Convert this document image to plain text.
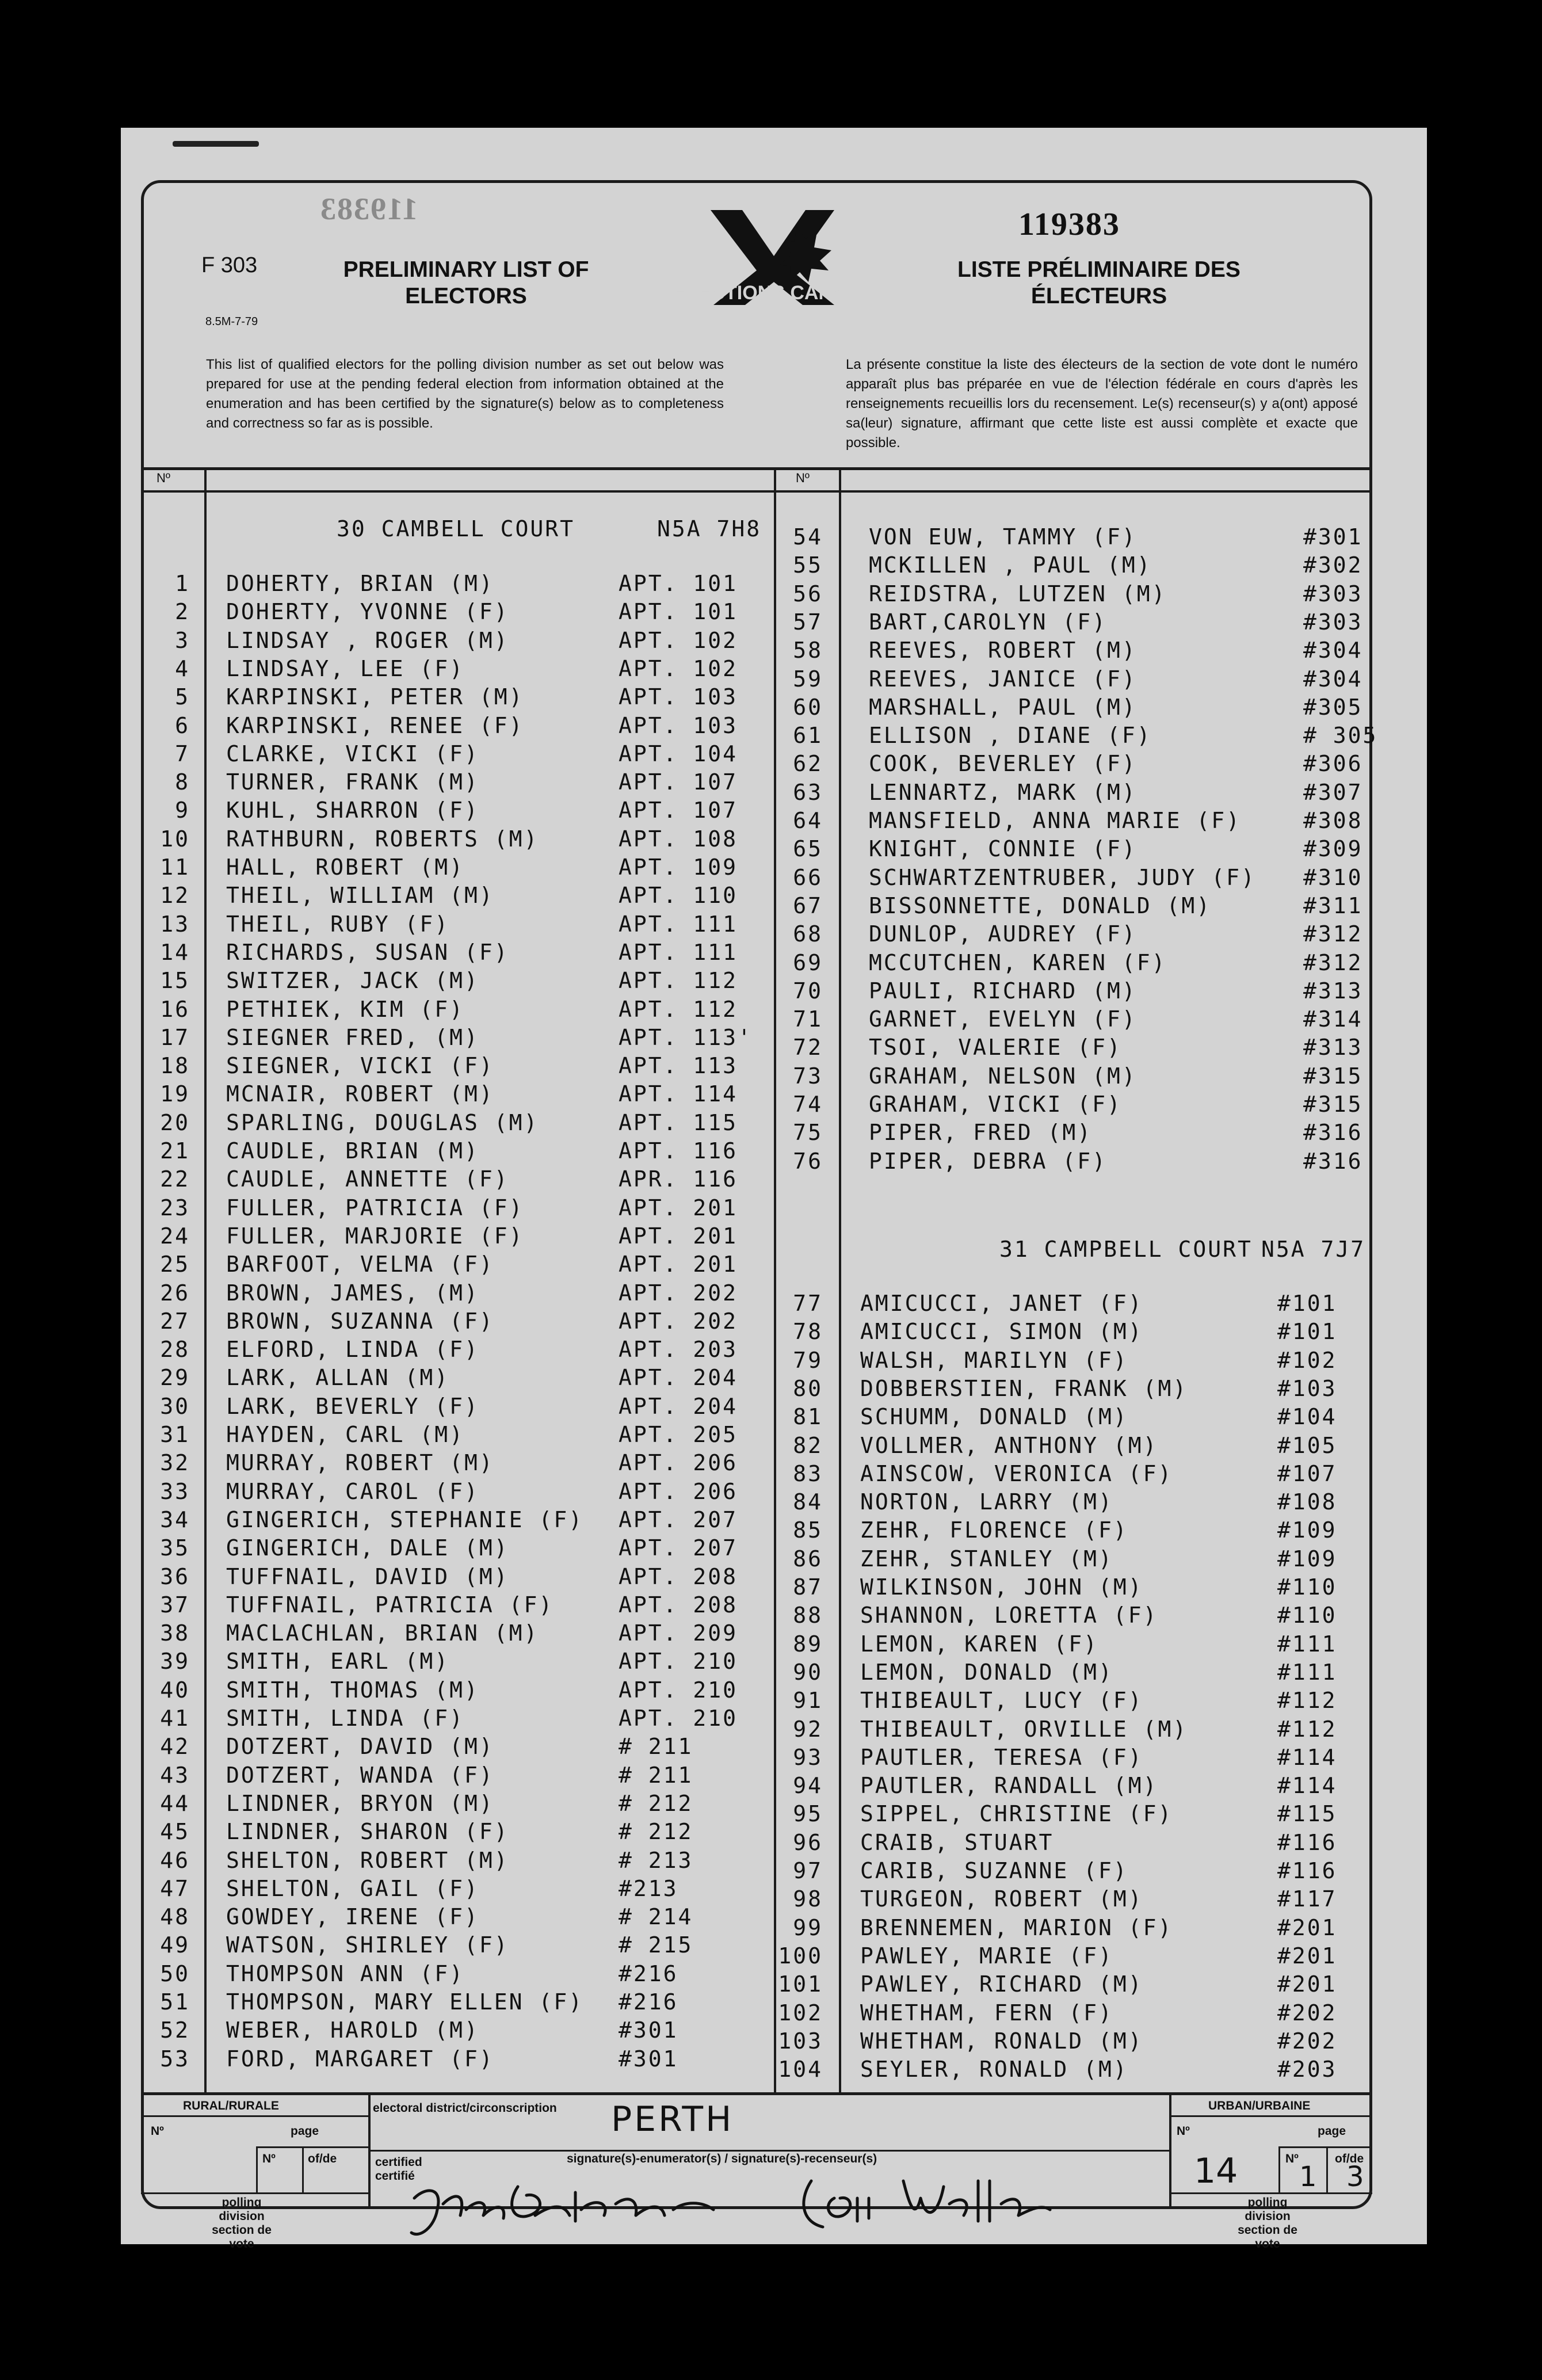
F 303
8.5M-7-79
PRELIMINARY LIST OF ELECTORS
LISTE PRÉLIMINAIRE DES ÉLECTEURS
119383
119383
ELECTIONS CANADA
This list of qualified electors for the polling division number as set out below was prepared for use at the pending federal election from information obtained at the enumeration and has been certified by the signature(s) below as to completeness and correctness so far as is possible.
La présente constitue la liste des électeurs de la section de vote dont le numéro apparaît plus bas préparée en vue de l'élection fédérale en cours d'après les renseignements recueillis lors du recensement. Le(s) recenseur(s) y a(ont) apposé sa(leur) signature, affirmant que cette liste est aussi complète et exacte que possible.
Nº	Nº
30 CAMBELL COURT	N5A 7H8
31 CAMPBELL COURT N5A 7J7
1 DOHERTY, BRIAN (M)	APT. 101
2 DOHERTY, YVONNE (F)	APT. 101
3 LINDSAY , ROGER (M)	APT. 102
4 LINDSAY, LEE (F)	APT. 102
5 KARPINSKI, PETER (M)	APT. 103
6 KARPINSKI, RENEE (F)	APT. 103
7 CLARKE, VICKI (F)	APT. 104
8 TURNER, FRANK (M)	APT. 107
9 KUHL, SHARRON (F)	APT. 107
10 RATHBURN, ROBERTS (M)	APT. 108
11 HALL, ROBERT (M)	APT. 109
12 THEIL, WILLIAM (M)	APT. 110
13 THEIL, RUBY (F)	APT. 111
14 RICHARDS, SUSAN (F)	APT. 111
15 SWITZER, JACK (M)	APT. 112
16 PETHIEK, KIM (F)	APT. 112
17 SIEGNER FRED, (M)	APT. 113'
18 SIEGNER, VICKI (F)	APT. 113
19 MCNAIR, ROBERT (M)	APT. 114
20 SPARLING, DOUGLAS (M)	APT. 115
21 CAUDLE, BRIAN (M)	APT. 116
22 CAUDLE, ANNETTE (F)	APR. 116
23 FULLER, PATRICIA (F)	APT. 201
24 FULLER, MARJORIE (F)	APT. 201
25 BARFOOT, VELMA (F)	APT. 201
26 BROWN, JAMES, (M)	APT. 202
27 BROWN, SUZANNA (F)	APT. 202
28 ELFORD, LINDA (F)	APT. 203
29 LARK, ALLAN (M)	APT. 204
30 LARK, BEVERLY (F)	APT. 204
31 HAYDEN, CARL (M)	APT. 205
32 MURRAY, ROBERT (M)	APT. 206
33 MURRAY, CAROL (F)	APT. 206
34 GINGERICH, STEPHANIE (F) APT. 207
35 GINGERICH, DALE (M)	APT. 207
36 TUFFNAIL, DAVID (M)	APT. 208
37 TUFFNAIL, PATRICIA (F)	APT. 208
38 MACLACHLAN, BRIAN (M)	APT. 209
39 SMITH, EARL (M)	APT. 210
40 SMITH, THOMAS (M)	APT. 210
41 SMITH, LINDA (F)	APT. 210
42 DOTZERT, DAVID (M)	# 211
43 DOTZERT, WANDA (F)	# 211
44 LINDNER, BRYON (M)	# 212
45 LINDNER, SHARON (F)	# 212
46 SHELTON, ROBERT (M)	# 213
47 SHELTON, GAIL (F)	#213
48 GOWDEY, IRENE (F)	# 214
49 WATSON, SHIRLEY (F)	# 215
50 THOMPSON ANN (F)	#216
51 THOMPSON, MARY ELLEN (F) #216
52 WEBER, HAROLD (M)	#301
53 FORD, MARGARET (F)	#301
54 VON EUW, TAMMY (F)	#301
55 MCKILLEN , PAUL (M)	#302
56 REIDSTRA, LUTZEN (M)	#303
57 BART,CAROLYN (F)	#303
58 REEVES, ROBERT (M)	#304
59 REEVES, JANICE (F)	#304
60 MARSHALL, PAUL (M)	#305
61 ELLISON , DIANE (F)	# 305
62 COOK, BEVERLEY (F)	#306
63 LENNARTZ, MARK (M)	#307
64 MANSFIELD, ANNA MARIE (F)	#308
65 KNIGHT, CONNIE (F)	#309
66 SCHWARTZENTRUBER, JUDY (F) #310
67 BISSONNETTE, DONALD (M)	#311
68 DUNLOP, AUDREY (F)	#312
69 MCCUTCHEN, KAREN (F)	#312
70 PAULI, RICHARD (M)	#313
71 GARNET, EVELYN (F)	#314
72 TSOI, VALERIE (F)	#313
73 GRAHAM, NELSON (M)	#315
74 GRAHAM, VICKI (F)	#315
75 PIPER, FRED (M)	#316
76 PIPER, DEBRA (F)	#316
77 AMICUCCI, JANET (F)	#101
78 AMICUCCI, SIMON (M)	#101
79 WALSH, MARILYN (F)	#102
80 DOBBERSTIEN, FRANK (M)	#103
81 SCHUMM, DONALD (M)	#104
82 VOLLMER, ANTHONY (M)	#105
83 AINSCOW, VERONICA (F)	#107
84 NORTON, LARRY (M)	#108
85 ZEHR, FLORENCE (F)	#109
86 ZEHR, STANLEY (M)	#109
87 WILKINSON, JOHN (M)	#110
88 SHANNON, LORETTA (F)	#110
89 LEMON, KAREN (F)	#111
90 LEMON, DONALD (M)	#111
91 THIBEAULT, LUCY (F)	#112
92 THIBEAULT, ORVILLE (M)	#112
93 PAUTLER, TERESA (F)	#114
94 PAUTLER, RANDALL (M)	#114
95 SIPPEL, CHRISTINE (F)	#115
96 CRAIB, STUART	#116
97 CARIB, SUZANNE (F)	#116
98 TURGEON, ROBERT (M)	#117
99 BRENNEMEN, MARION (F)	#201
100 PAWLEY, MARIE (F)	#201
101 PAWLEY, RICHARD (M)	#201
102 WHETHAM, FERN (F)	#202
103 WHETHAM, RONALD (M)	#202
104 SEYLER, RONALD (M)	#203
RURAL/RURALE	URBAN/URBAINE
electoral district/circonscription PERTH
Nº	page
Nº	of/de
polling division section de vote
Nº	page
Nº	of/de
polling division section de vote
14 1 3
certified certifié
signature(s)-enumerator(s) / signature(s)-recenseur(s)
